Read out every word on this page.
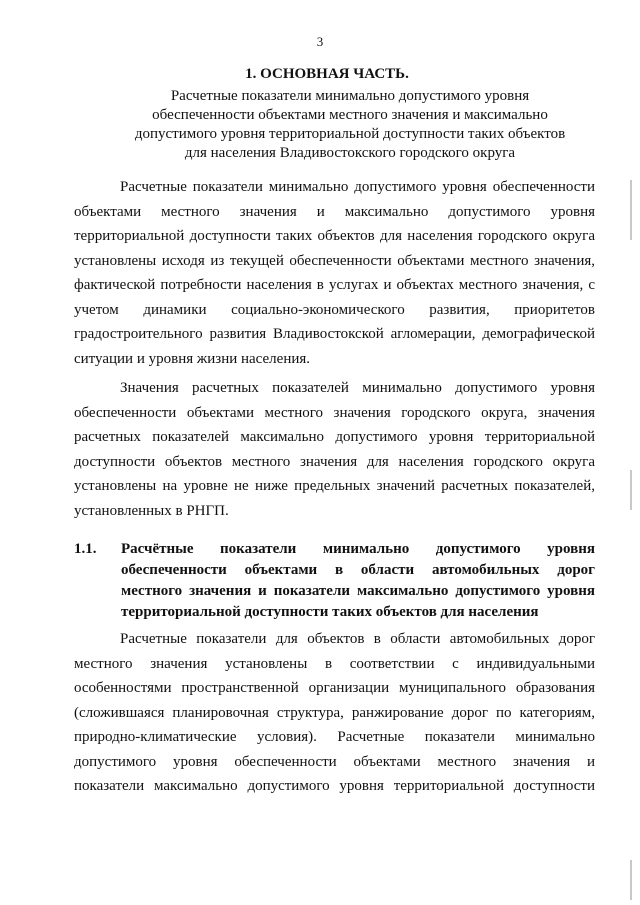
3
1. ОСНОВНАЯ ЧАСТЬ.
Расчетные показатели минимально допустимого уровня
обеспеченности объектами местного значения и максимально
допустимого уровня территориальной доступности таких объектов
для населения Владивостокского городского округа
Расчетные показатели минимально допустимого уровня обеспеченности
объектами местного значения и максимально допустимого уровня
территориальной доступности таких объектов для населения городского округа
установлены исходя из текущей обеспеченности объектами местного значения,
фактической потребности населения в услугах и объектах местного значения, с
учетом динамики социально-экономического развития, приоритетов
градостроительного развития Владивостокской агломерации, демографической
ситуации и уровня жизни населения.
Значения расчетных показателей минимально допустимого уровня
обеспеченности объектами местного значения городского округа, значения
расчетных показателей максимально допустимого уровня территориальной
доступности объектов местного значения для населения городского округа
установлены на уровне не ниже предельных значений расчетных показателей,
установленных в РНГП.
1.1. Расчётные показатели минимально допустимого уровня
обеспеченности объектами в области автомобильных дорог
местного значения и показатели максимально допустимого уровня
территориальной доступности таких объектов для населения
Расчетные показатели для объектов в области автомобильных дорог
местного значения установлены в соответствии с индивидуальными
особенностями пространственной организации муниципального образования
(сложившаяся планировочная структура, ранжирование дорог по категориям,
природно-климатические условия). Расчетные показатели минимально
допустимого уровня обеспеченности объектами местного значения и
показатели максимально допустимого уровня территориальной доступности
